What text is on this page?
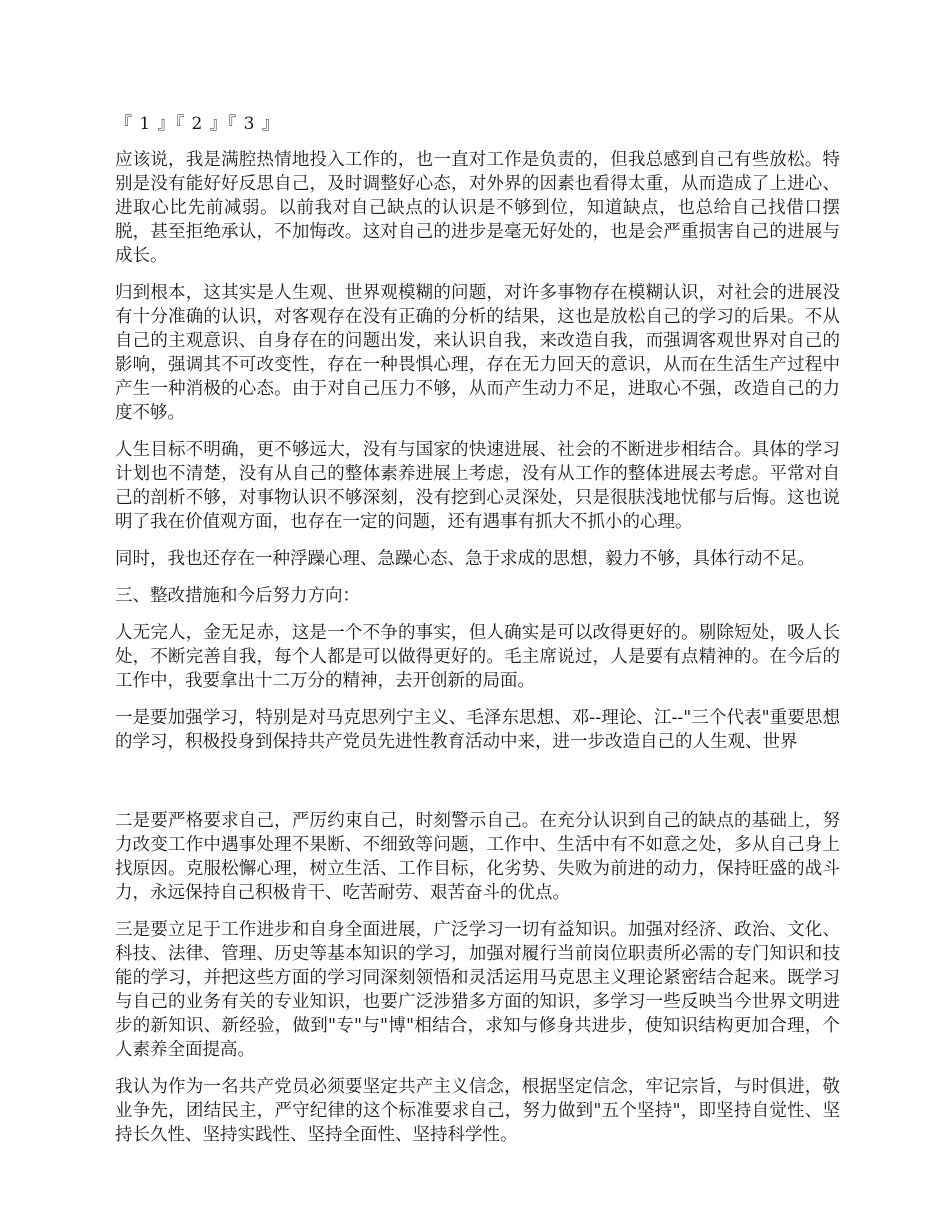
『 1 』『 2 』『 3 』

应该说，我是满腔热情地投入工作的，也一直对工作是负责的，但我总感到自己有些放松。特别是没有能好好反思自己，及时调整好心态，对外界的因素也看得太重，从而造成了上进心、进取心比先前减弱。以前我对自己缺点的认识是不够到位，知道缺点，也总给自己找借口摆脱，甚至拒绝承认，不加悔改。这对自己的进步是毫无好处的，也是会严重损害自己的进展与成长。

归到根本，这其实是人生观、世界观模糊的问题，对许多事物存在模糊认识，对社会的进展没有十分准确的认识，对客观存在没有正确的分析的结果，这也是放松自己的学习的后果。不从自己的主观意识、自身存在的问题出发，来认识自我，来改造自我，而强调客观世界对自己的影响，强调其不可改变性，存在一种畏惧心理，存在无力回天的意识，从而在生活生产过程中产生一种消极的心态。由于对自己压力不够，从而产生动力不足，进取心不强，改造自己的力度不够。

人生目标不明确，更不够远大，没有与国家的快速进展、社会的不断进步相结合。具体的学习计划也不清楚，没有从自己的整体素养进展上考虑，没有从工作的整体进展去考虑。平常对自己的剖析不够，对事物认识不够深刻，没有挖到心灵深处，只是很肤浅地忧郁与后悔。这也说明了我在价值观方面，也存在一定的问题，还有遇事有抓大不抓小的心理。

同时，我也还存在一种浮躁心理、急躁心态、急于求成的思想，毅力不够，具体行动不足。

三、整改措施和今后努力方向：

人无完人，金无足赤，这是一个不争的事实，但人确实是可以改得更好的。剔除短处，吸人长处，不断完善自我，每个人都是可以做得更好的。毛主席说过，人是要有点精神的。在今后的工作中，我要拿出十二万分的精神，去开创新的局面。

一是要加强学习，特别是对马克思列宁主义、毛泽东思想、邓--理论、江--"三个代表"重要思想的学习，积极投身到保持共产党员先进性教育活动中来，进一步改造自己的人生观、世界

二是要严格要求自己，严厉约束自己，时刻警示自己。在充分认识到自己的缺点的基础上，努力改变工作中遇事处理不果断、不细致等问题，工作中、生活中有不如意之处，多从自己身上找原因。克服松懈心理，树立生活、工作目标，化劣势、失败为前进的动力，保持旺盛的战斗力，永远保持自己积极肯干、吃苦耐劳、艰苦奋斗的优点。

三是要立足于工作进步和自身全面进展，广泛学习一切有益知识。加强对经济、政治、文化、科技、法律、管理、历史等基本知识的学习，加强对履行当前岗位职责所必需的专门知识和技能的学习，并把这些方面的学习同深刻领悟和灵活运用马克思主义理论紧密结合起来。既学习与自己的业务有关的专业知识，也要广泛涉猎多方面的知识，多学习一些反映当今世界文明进步的新知识、新经验，做到"专"与"博"相结合，求知与修身共进步，使知识结构更加合理，个人素养全面提高。

我认为作为一名共产党员必须要坚定共产主义信念，根据坚定信念，牢记宗旨，与时俱进，敬业争先，团结民主，严守纪律的这个标准要求自己，努力做到"五个坚持"，即坚持自觉性、坚持长久性、坚持实践性、坚持全面性、坚持科学性。
